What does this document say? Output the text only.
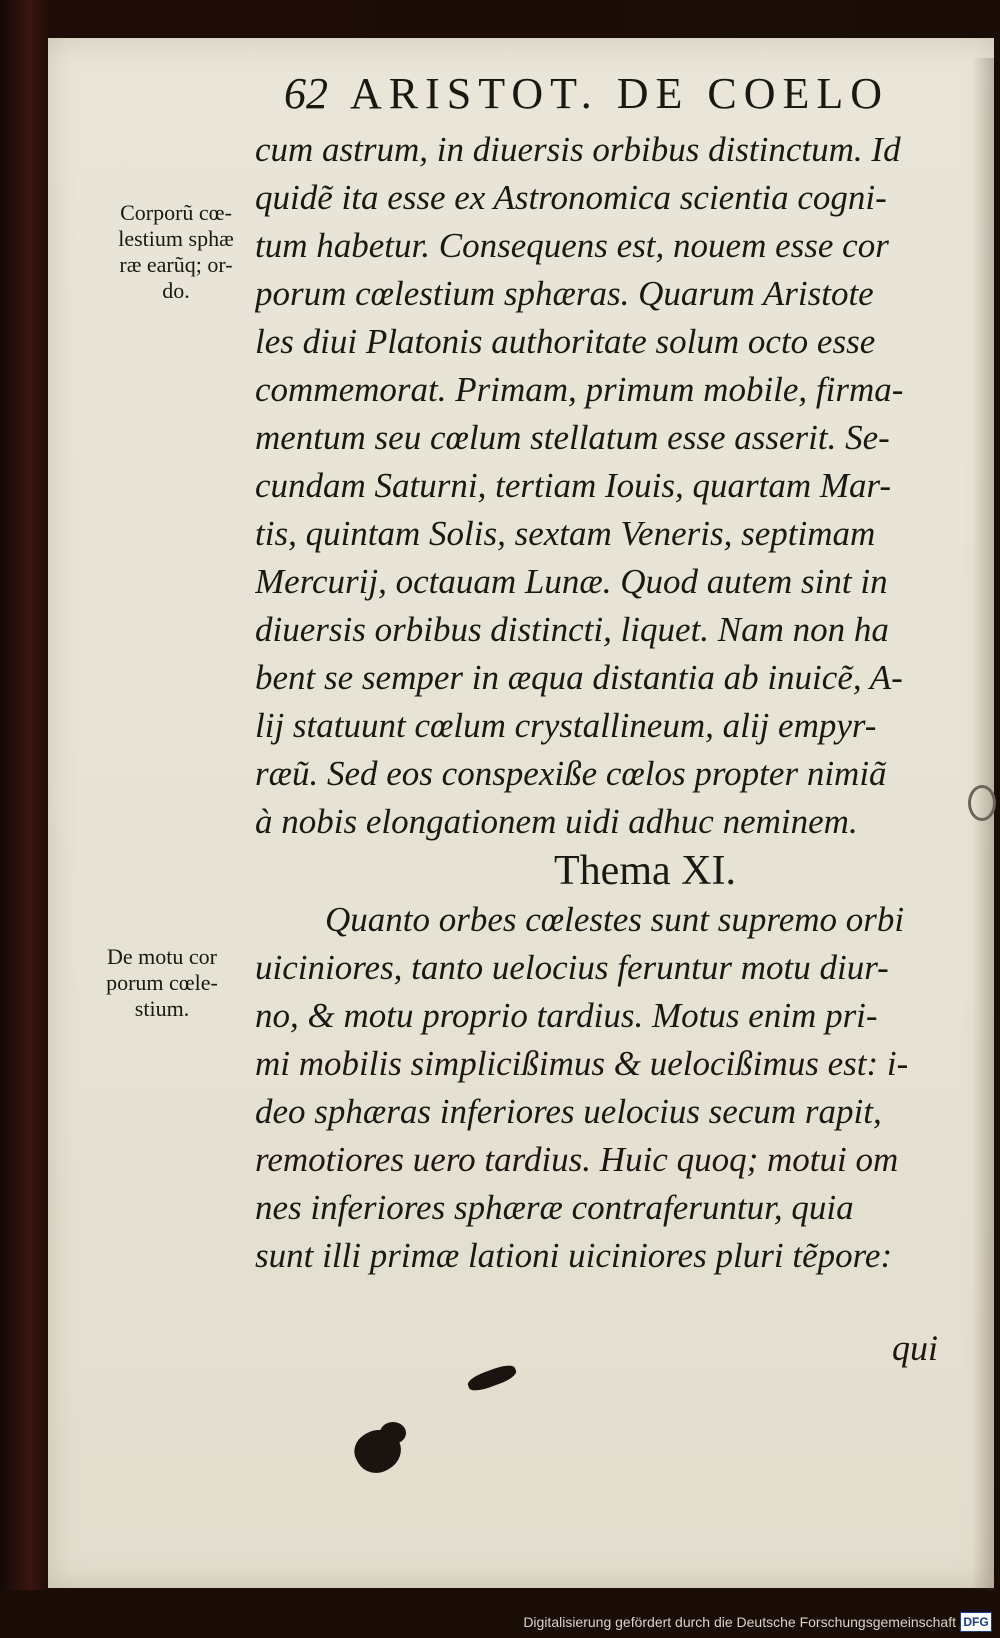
62 ARISTOT. DE COELO
Corporũ cœ-
lestium sphæ
ræ earũq; or-
do.
De motu cor
porum cœle-
stium.
cum astrum, in diuersis orbibus distinctum. Id
quidẽ ita esse ex Astronomica scientia cogni-
tum habetur. Consequens est, nouem esse cor
porum cœlestium sphæras. Quarum Aristote
les diui Platonis authoritate solum octo esse
commemorat. Primam, primum mobile, firma-
mentum seu cœlum stellatum esse asserit. Se-
cundam Saturni, tertiam Iouis, quartam Mar-
tis, quintam Solis, sextam Veneris, septimam
Mercurij, octauam Lunæ. Quod autem sint in
diuersis orbibus distincti, liquet. Nam non ha
bent se semper in æqua distantia ab inuicẽ, A-
lij statuunt cœlum crystallineum, alij empyr-
ræũ. Sed eos conspexiße cœlos propter nimiã
à nobis elongationem uidi adhuc neminem.
Thema XI.
Quanto orbes cœlestes sunt supremo orbi
uiciniores, tanto uelocius feruntur motu diur-
no, & motu proprio tardius. Motus enim pri-
mi mobilis simplicißimus & uelocißimus est: i-
deo sphæras inferiores uelocius secum rapit,
remotiores uero tardius. Huic quoq; motui om
nes inferiores sphæræ contraferuntur, quia
sunt illi primæ lationi uiciniores pluri tẽpore:
qui
Digitalisierung gefördert durch die Deutsche Forschungsgemeinschaft DFG
